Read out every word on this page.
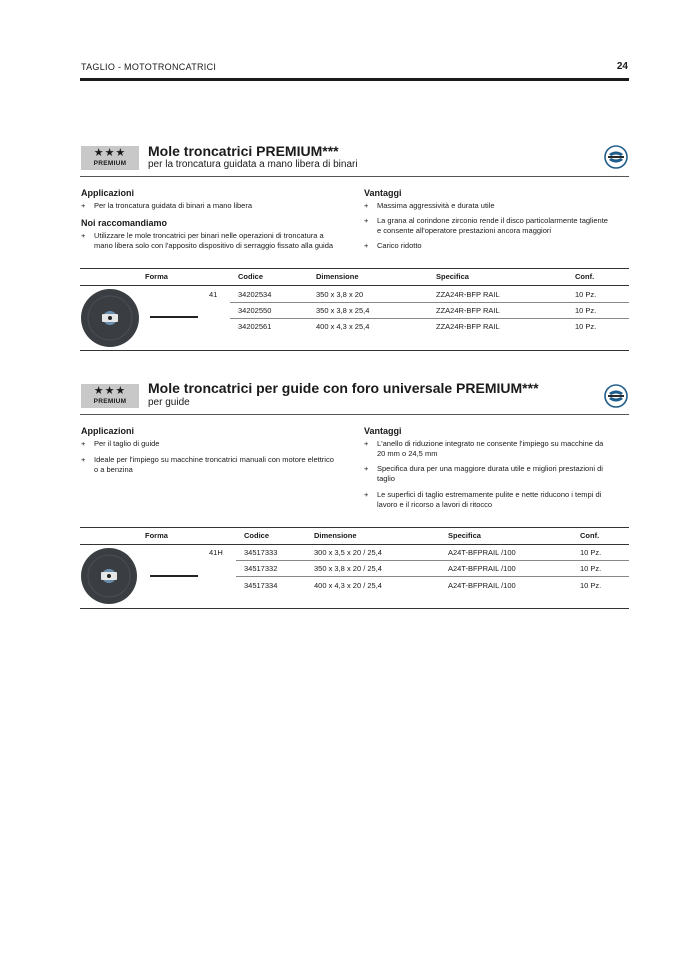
TAGLIO - MOTOTRONCATRICI	24
★★★
PREMIUM
Mole troncatrici PREMIUM***
per la troncatura guidata a mano libera di binari
Applicazioni
+ Per la troncatura guidata di binari a mano libera
Noi raccomandiamo
+ Utilizzare le mole troncatrici per binari nelle operazioni di troncatura a
mano libera solo con l'apposito dispositivo di serraggio fissato alla guida
Vantaggi
+ Massima aggressività e durata utile
+ La grana al corindone zirconio rende il disco particolarmente tagliente
e consente all'operatore prestazioni ancora maggiori
+ Carico ridotto
Forma	Codice	Dimensione	Specifica	Conf.
41	34202534	350 x 3,8 x 20	ZZA24R-BFP RAIL	10 Pz.
34202550	350 x 3,8 x 25,4	ZZA24R-BFP RAIL	10 Pz.
34202561	400 x 4,3 x 25,4	ZZA24R-BFP RAIL	10 Pz.
★★★
PREMIUM
Mole troncatrici per guide con foro universale PREMIUM***
per guide
Applicazioni
+ Per il taglio di guide
+ Ideale per l'impiego su macchine troncatrici manuali con motore elettrico
o a benzina
Vantaggi
+ L'anello di riduzione integrato ne consente l'impiego su macchine da
20 mm o 24,5 mm
+ Specifica dura per una maggiore durata utile e migliori prestazioni di
taglio
+ Le superfici di taglio estremamente pulite e nette riducono i tempi di
lavoro e il ricorso a lavori di ritocco
Forma	Codice	Dimensione	Specifica	Conf.
41H	34517333	300 x 3,5 x 20 / 25,4	A24T-BFPRAIL /100	10 Pz.
34517332	350 x 3,8 x 20 / 25,4	A24T-BFPRAIL /100	10 Pz.
34517334	400 x 4,3 x 20 / 25,4	A24T-BFPRAIL /100	10 Pz.
